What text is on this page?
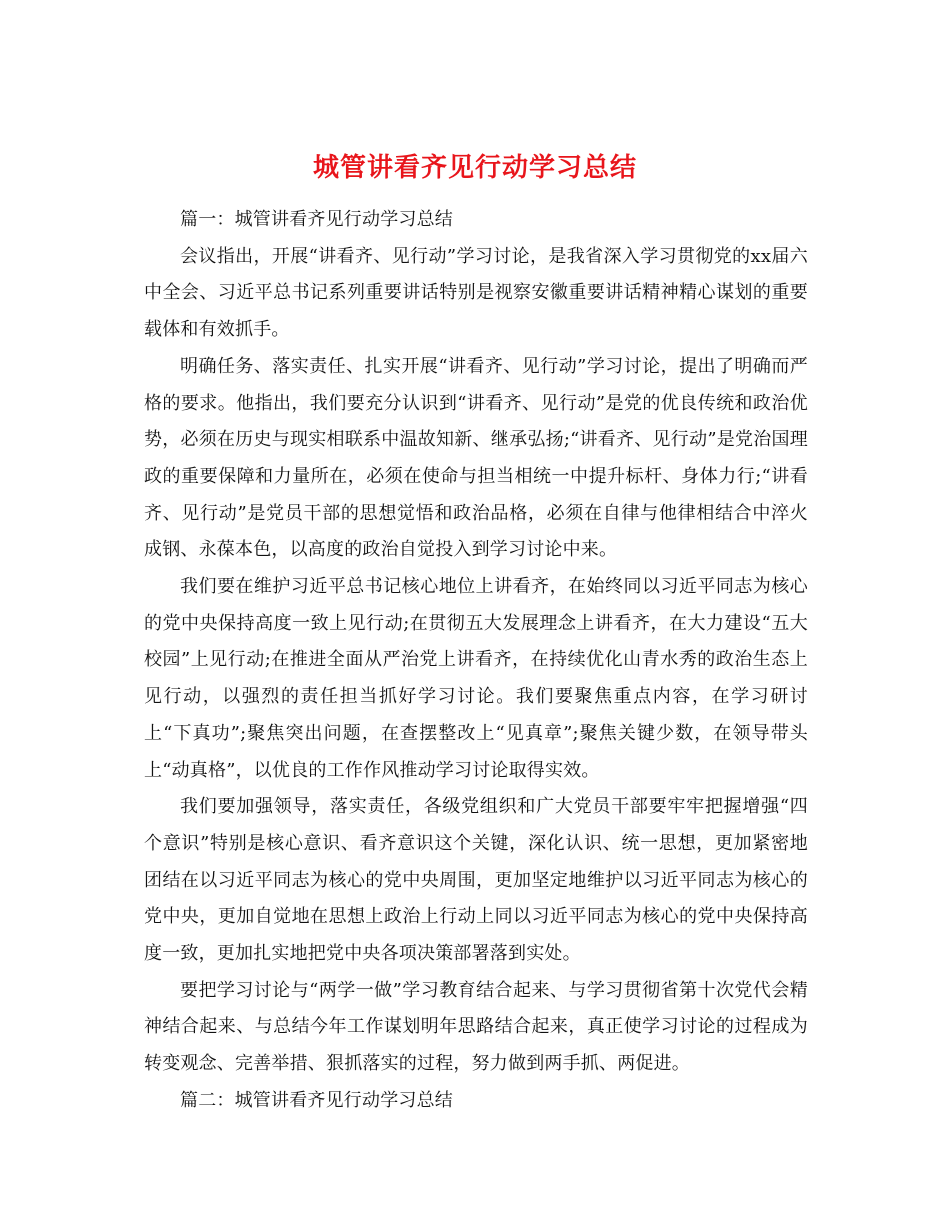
城管讲看齐见行动学习总结

篇一：城管讲看齐见行动学习总结

会议指出，开展“讲看齐、见行动”学习讨论，是我省深入学习贯彻党的xx届六中全会、习近平总书记系列重要讲话特别是视察安徽重要讲话精神精心谋划的重要载体和有效抓手。

明确任务、落实责任、扎实开展“讲看齐、见行动”学习讨论，提出了明确而严格的要求。他指出，我们要充分认识到“讲看齐、见行动”是党的优良传统和政治优势，必须在历史与现实相联系中温故知新、继承弘扬;“讲看齐、见行动”是党治国理政的重要保障和力量所在，必须在使命与担当相统一中提升标杆、身体力行;“讲看齐、见行动”是党员干部的思想觉悟和政治品格，必须在自律与他律相结合中淬火成钢、永葆本色，以高度的政治自觉投入到学习讨论中来。

我们要在维护习近平总书记核心地位上讲看齐，在始终同以习近平同志为核心的党中央保持高度一致上见行动;在贯彻五大发展理念上讲看齐，在大力建设“五大校园”上见行动;在推进全面从严治党上讲看齐，在持续优化山青水秀的政治生态上见行动，以强烈的责任担当抓好学习讨论。我们要聚焦重点内容，在学习研讨上“下真功”;聚焦突出问题，在查摆整改上“见真章”;聚焦关键少数，在领导带头上“动真格”，以优良的工作作风推动学习讨论取得实效。

我们要加强领导，落实责任，各级党组织和广大党员干部要牢牢把握增强“四个意识”特别是核心意识、看齐意识这个关键，深化认识、统一思想，更加紧密地团结在以习近平同志为核心的党中央周围，更加坚定地维护以习近平同志为核心的党中央，更加自觉地在思想上政治上行动上同以习近平同志为核心的党中央保持高度一致，更加扎实地把党中央各项决策部署落到实处。

要把学习讨论与“两学一做”学习教育结合起来、与学习贯彻省第十次党代会精神结合起来、与总结今年工作谋划明年思路结合起来，真正使学习讨论的过程成为转变观念、完善举措、狠抓落实的过程，努力做到两手抓、两促进。

篇二：城管讲看齐见行动学习总结
